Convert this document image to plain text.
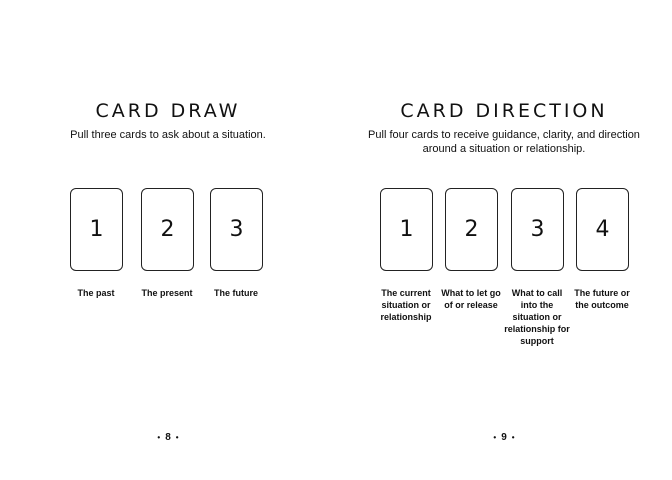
CARD DRAW
Pull three cards to ask about a situation.
1	2	3
The past	The present	The future
• 8 •
CARD DIRECTION
Pull four cards to receive guidance, clarity, and direction around a situation or relationship.
1	2	3	4
The current situation or relationship
What to let go of or release
What to call into the situation or relationship for support
The future or the outcome
• 9 •
